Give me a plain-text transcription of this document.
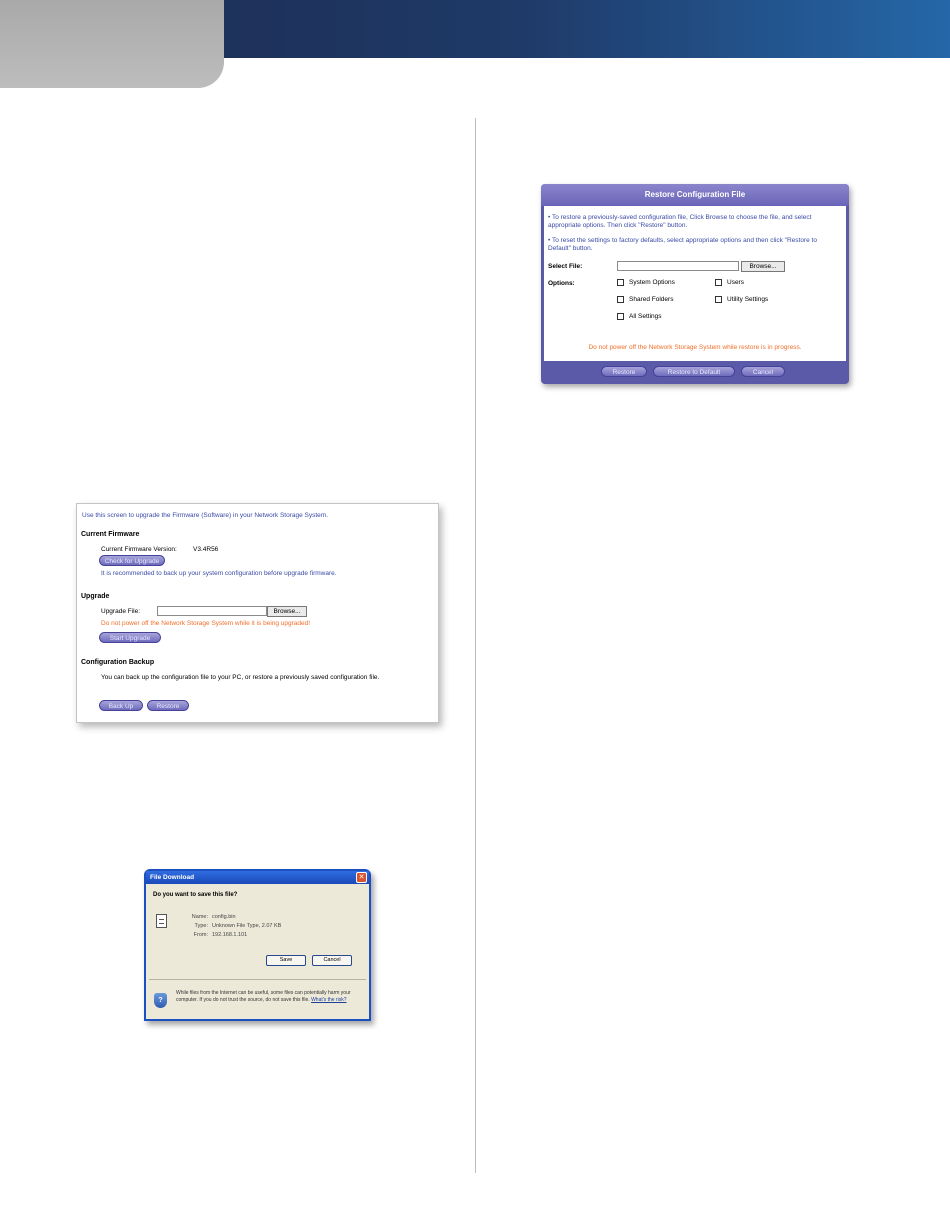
Restore Configuration File
• To restore a previously-saved configuration file, Click Browse to choose the file, and select appropriate options. Then click "Restore" button.
• To reset the settings to factory defaults, select appropriate options and then click "Restore to Default" button.
Select File:	Browse...
Options:	System Options	Users
Shared Folders	Utility Settings
All Settings
Do not power off the Network Storage System while restore is in progress.
Restore	Restore to Default	Cancel
Use this screen to upgrade the Firmware (Software) in your Network Storage System.
Current Firmware
Current Firmware Version: V3.4R56
Check for Upgrade
It is recommended to back up your system configuration before upgrade firmware.
Upgrade
Upgrade File:	Browse...
Do not power off the Network Storage System while it is being upgraded!
Start Upgrade
Configuration Backup
You can back up the configuration file to your PC, or restore a previously saved configuration file.
Back Up	Restore
File Download	✕
Do you want to save this file?
Name: config.bin
Type: Unknown File Type, 2.07 KB
From: 192.168.1.101
Save	Cancel
?
While files from the Internet can be useful, some files can potentially harm your computer. If you do not trust the source, do not save this file. What's the risk?
